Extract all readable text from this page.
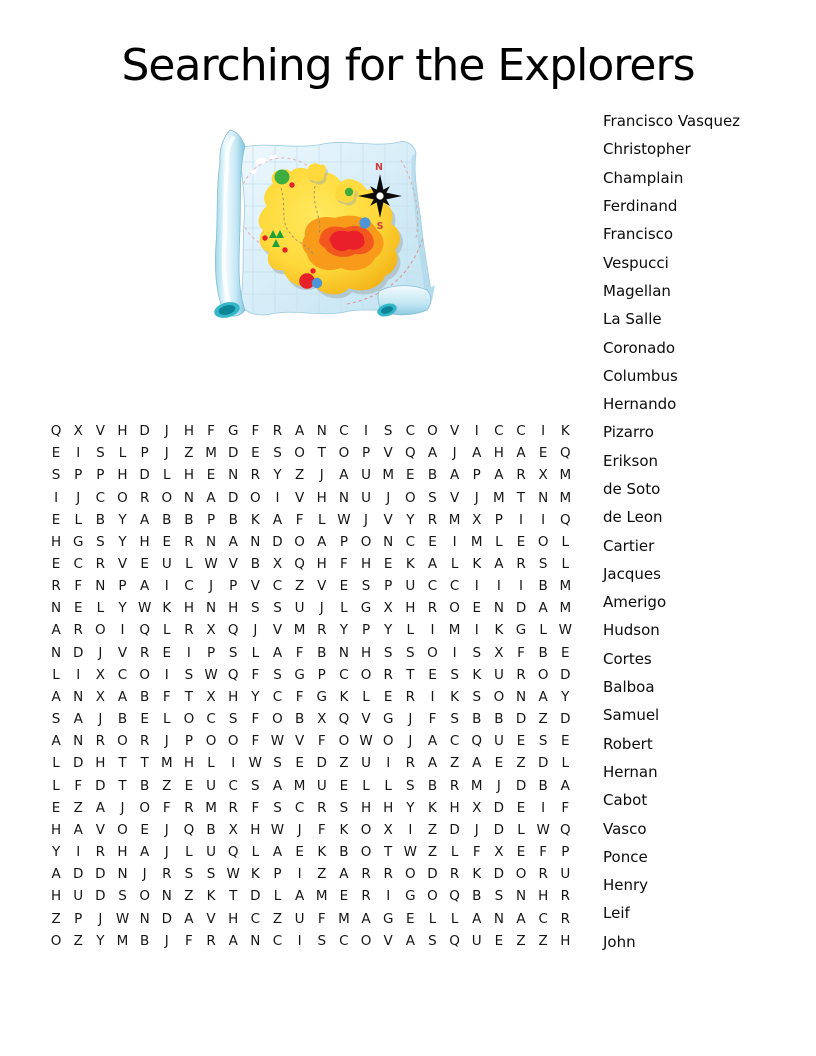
Searching for the Explorers
N
S
Francisco Vasquez
Christopher
Champlain
Ferdinand
Francisco
Vespucci
Magellan
La Salle
Coronado
Columbus
Hernando
Pizarro
Erikson
de Soto
de Leon
Cartier
Jacques
Amerigo
Hudson
Cortes
Balboa
Samuel
Robert
Hernan
Cabot
Vasco
Ponce
Henry
Leif
John
Q X V H D	J	H F G F	R A N C	I	S C O V	I	C C	I	K
E	I	S	L	P	J	Z M D E	S O T O P V Q A	J	A H A E Q
S	P	P H D L H E N R Y Z	J	A U M E B A P A R X M
I	J	C O R O N A D O	I	V H N U	J	O S V	J	M T N M
E	L	B Y A B B P B K A	F	L W J	V Y R M X P	I	I	Q
H G S	Y H E R N A N D O A P O N C E	I	M L	E O L
E C R V E U L W V B X Q H F H E K A	L	K A R S	L
R	F N P A	I	C	J	P V C Z V E	S	P U C C	I	I	I	B M
N E	L	Y W K H N H S	S U	J	L G X H R O E N D A M
A R O	I	Q L	R X Q	J	V M R Y	P	Y	L	I	M	I	K G L W
N D	J	V R E	I	P	S	L	A	F	B N H S	S O	I	S X	F	B E
L	I	X C O	I	S W Q F	S G P C O R T	E	S K U R O D
A N X A B	F	T X H Y C	F G K	L	E R	I	K S O N A Y
S A	J	B E	L O C S	F O B X Q V G	J	F	S B B D Z D
A N R O R	J	P O O F W V	F O W O	J	A C Q U E	S	E
L D H T	T M H L	I W S	E D Z U	I	R A Z A E Z D L
L	F D T B Z E U C S A M U E	L	L	S B R M	J	D B A
E Z A	J	O F	R M R	F	S C R S H H Y	K H X D E	I	F
H A V O E	J	Q B X H W J	F	K O X	I	Z D	J	D L W Q
Y	I	R H A	J	L U Q L	A E K B O T W Z	L	F	X E	F	P
A D D N	J	R S	S W K	P	I	Z A R R O D R K D O R U
H U D S O N Z K	T D L	A M E R	I	G O Q B S N H R
Z P	J W N D A V H C Z U F M A G E	L	L	A N A C R
O Z Y M B	J	F	R A N C	I	S C O V A S Q U E Z Z H
